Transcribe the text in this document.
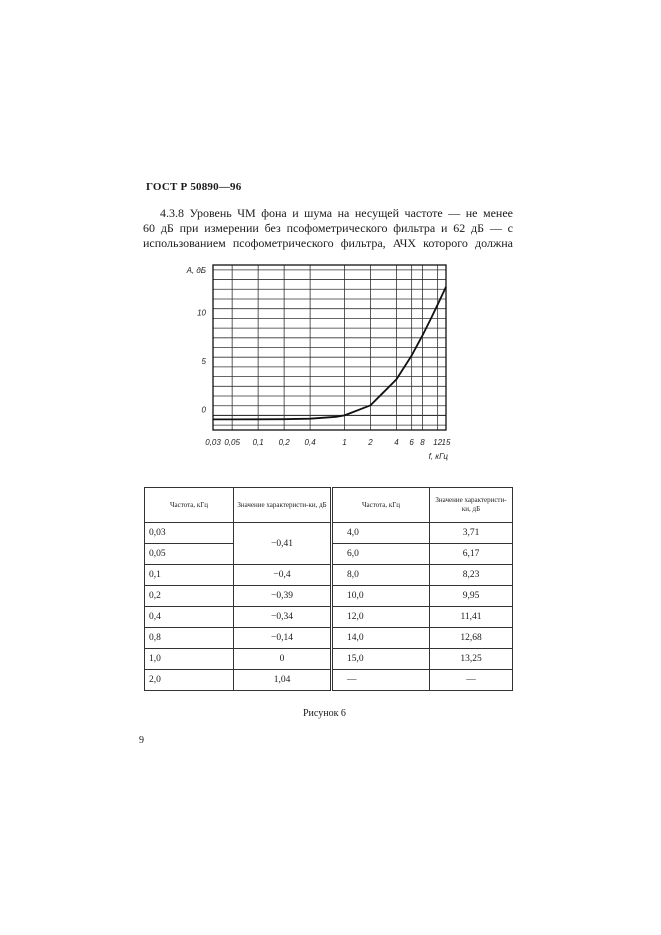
ГОСТ Р 50890—96
4.3.8 Уровень ЧМ фона и шума на несущей частоте — не менее
60 дБ при измерении без псофометрического фильтра и 62 дБ — с
использованием псофометрического фильтра, АЧХ которого должна
0,03 0,05 0,1 0,2 0,4	1	2	4 6 8 12 15
10
5
0
A, дБ
f, кГц
Частота, кГц	Значение характеристи-ки, дБ	Частота, кГц	Значение характеристи-ки, дБ
0,03	−0,41	4,0	3,71
0,05		6,0	6,17
0,1	−0,4	8,0	8,23
0,2	−0,39	10,0	9,95
0,4	−0,34	12,0	11,41
0,8	−0,14	14,0	12,68
1,0	0	15,0	13,25
2,0	1,04	—	—
Рисунок 6
9
